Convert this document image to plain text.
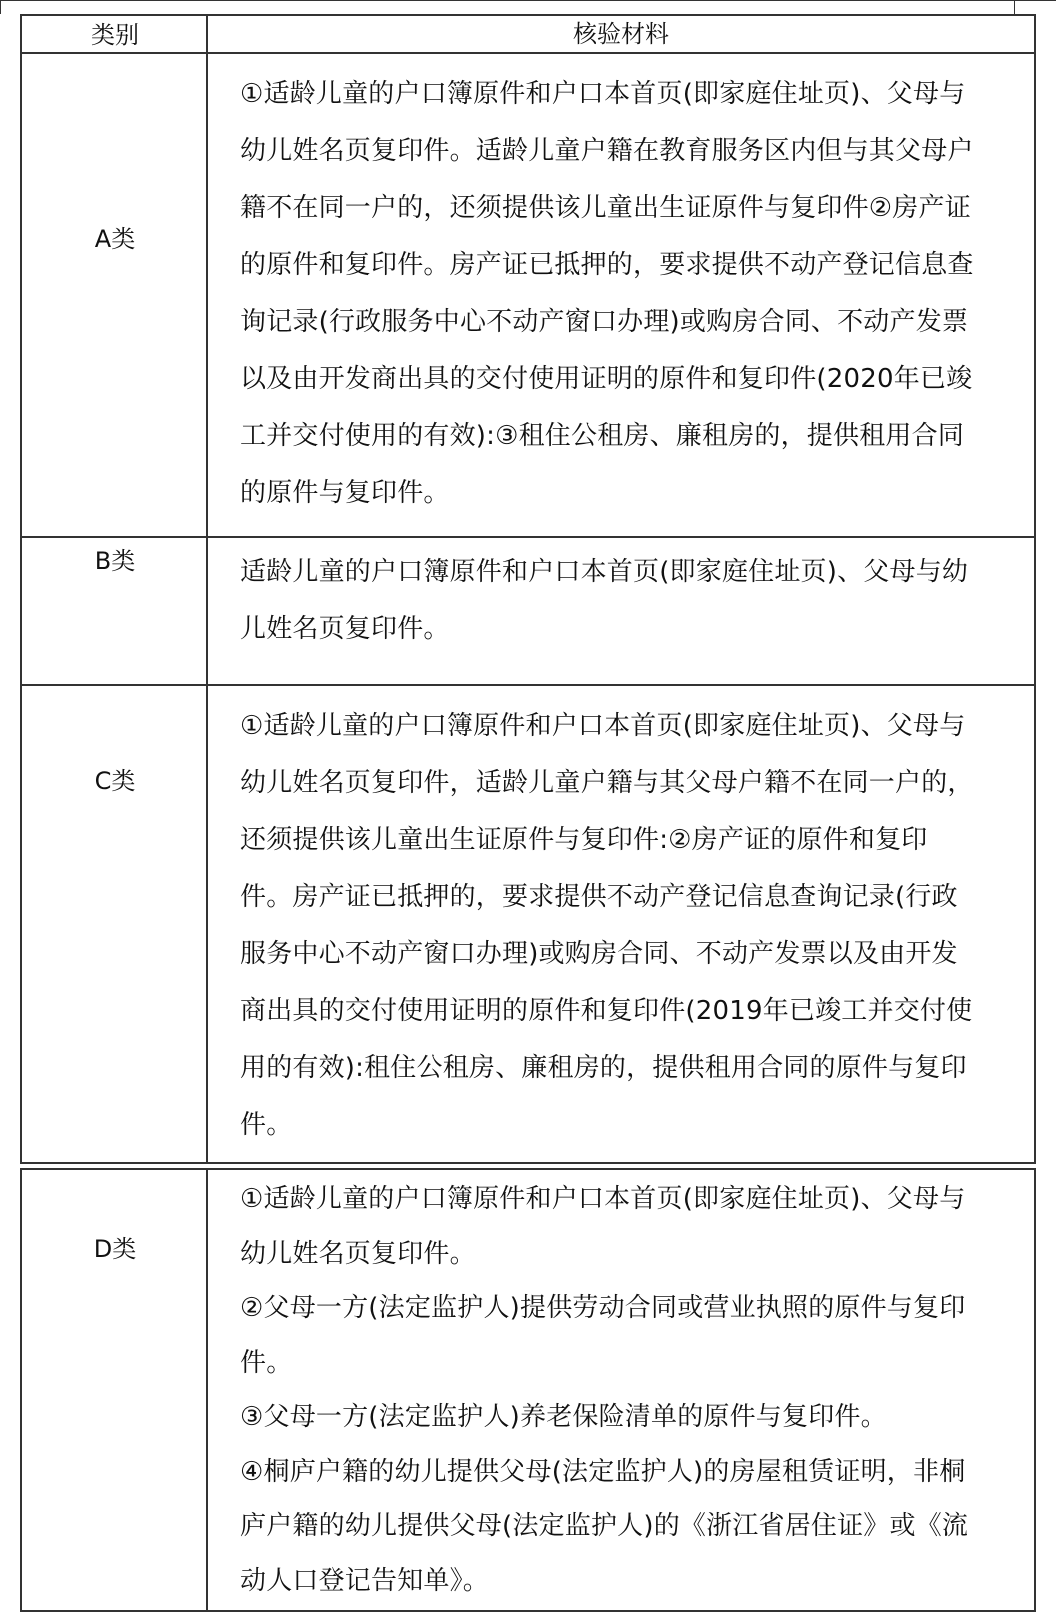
类别	核验材料
A类

①适龄儿童的户口簿原件和户口本首页(即家庭住址页)、父母与

幼儿姓名页复印件。适龄儿童户籍在教育服务区内但与其父母户

籍不在同一户的，还须提供该儿童出生证原件与复印件②房产证

的原件和复印件。房产证已抵押的，要求提供不动产登记信息查

询记录(行政服务中心不动产窗口办理)或购房合同、不动产发票

以及由开发商出具的交付使用证明的原件和复印件(2020年已竣

工并交付使用的有效):③租住公租房、廉租房的，提供租用合同

的原件与复印件。

B类	适龄儿童的户口簿原件和户口本首页(即家庭住址页)、父母与幼

儿姓名页复印件。

C类

①适龄儿童的户口簿原件和户口本首页(即家庭住址页)、父母与

幼儿姓名页复印件，适龄儿童户籍与其父母户籍不在同一户的，

还须提供该儿童出生证原件与复印件:②房产证的原件和复印

件。房产证已抵押的，要求提供不动产登记信息查询记录(行政

服务中心不动产窗口办理)或购房合同、不动产发票以及由开发

商出具的交付使用证明的原件和复印件(2019年已竣工并交付使

用的有效):租住公租房、廉租房的，提供租用合同的原件与复印

件。

D类

①适龄儿童的户口簿原件和户口本首页(即家庭住址页)、父母与

幼儿姓名页复印件。

②父母一方(法定监护人)提供劳动合同或营业执照的原件与复印

件。

③父母一方(法定监护人)养老保险清单的原件与复印件。

④桐庐户籍的幼儿提供父母(法定监护人)的房屋租赁证明，非桐

庐户籍的幼儿提供父母(法定监护人)的《浙江省居住证》或《流

动人口登记告知单》。
